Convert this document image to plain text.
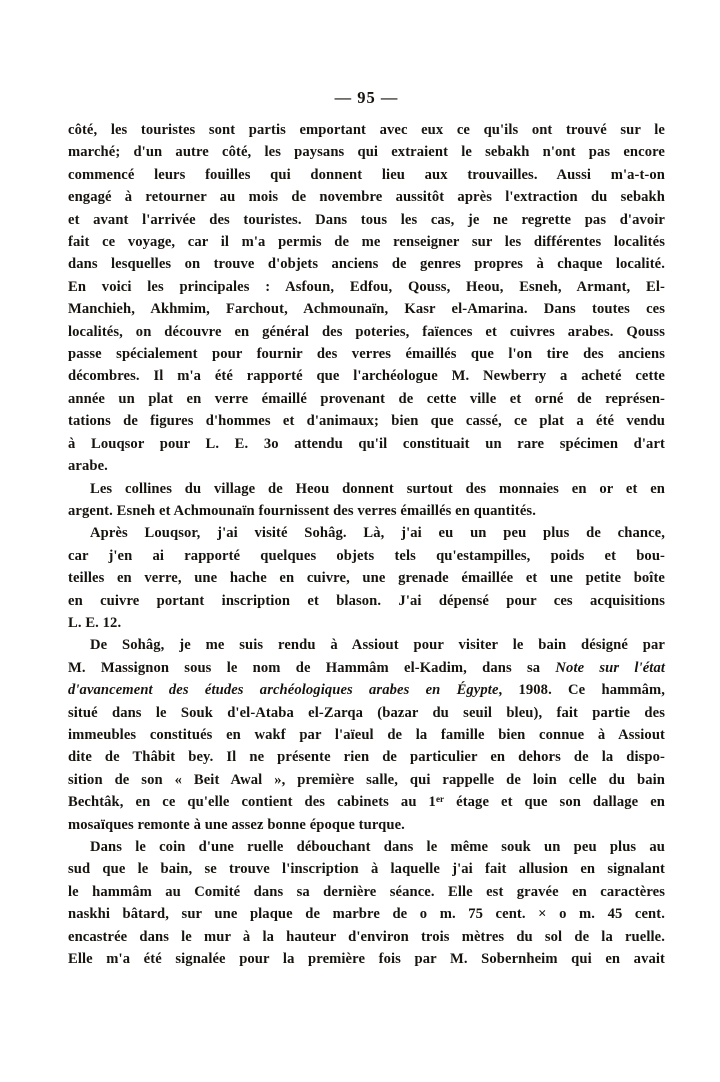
— 95 —
côté, les touristes sont partis emportant avec eux ce qu'ils ont trouvé sur le
marché; d'un autre côté, les paysans qui extraient le sebakh n'ont pas encore
commencé leurs fouilles qui donnent lieu aux trouvailles. Aussi m'a-t-on
engagé à retourner au mois de novembre aussitôt après l'extraction du sebakh
et avant l'arrivée des touristes. Dans tous les cas, je ne regrette pas d'avoir
fait ce voyage, car il m'a permis de me renseigner sur les différentes localités
dans lesquelles on trouve d'objets anciens de genres propres à chaque localité.
En voici les principales : Asfoun, Edfou, Qouss, Heou, Esneh, Armant, El-
Manchieh, Akhmim, Farchout, Achmounaïn, Kasr el-Amarina. Dans toutes ces
localités, on découvre en général des poteries, faïences et cuivres arabes. Qouss
passe spécialement pour fournir des verres émaillés que l'on tire des anciens
décombres. Il m'a été rapporté que l'archéologue M. Newberry a acheté cette
année un plat en verre émaillé provenant de cette ville et orné de représen-
tations de figures d'hommes et d'animaux; bien que cassé, ce plat a été vendu
à Louqsor pour L. E. 3o attendu qu'il constituait un rare spécimen d'art
arabe.
Les collines du village de Heou donnent surtout des monnaies en or et en
argent. Esneh et Achmounaïn fournissent des verres émaillés en quantités.
Après Louqsor, j'ai visité Sohâg. Là, j'ai eu un peu plus de chance,
car j'en ai rapporté quelques objets tels qu'estampilles, poids et bou-
teilles en verre, une hache en cuivre, une grenade émaillée et une petite boîte
en cuivre portant inscription et blason. J'ai dépensé pour ces acquisitions
L. E. 12.
De Sohâg, je me suis rendu à Assiout pour visiter le bain désigné par
M. Massignon sous le nom de Hammâm el-Kadim, dans sa Note sur l'état
d'avancement des études archéologiques arabes en Égypte, 1908. Ce hammâm,
situé dans le Souk d'el-Ataba el-Zarqa (bazar du seuil bleu), fait partie des
immeubles constitués en wakf par l'aïeul de la famille bien connue à Assiout
dite de Thâbit bey. Il ne présente rien de particulier en dehors de la dispo-
sition de son « Beit Awal », première salle, qui rappelle de loin celle du bain
Bechtâk, en ce qu'elle contient des cabinets au 1er étage et que son dallage en
mosaïques remonte à une assez bonne époque turque.
Dans le coin d'une ruelle débouchant dans le même souk un peu plus au
sud que le bain, se trouve l'inscription à laquelle j'ai fait allusion en signalant
le hammâm au Comité dans sa dernière séance. Elle est gravée en caractères
naskhi bâtard, sur une plaque de marbre de o m. 75 cent. × o m. 45 cent.
encastrée dans le mur à la hauteur d'environ trois mètres du sol de la ruelle.
Elle m'a été signalée pour la première fois par M. Sobernheim qui en avait
